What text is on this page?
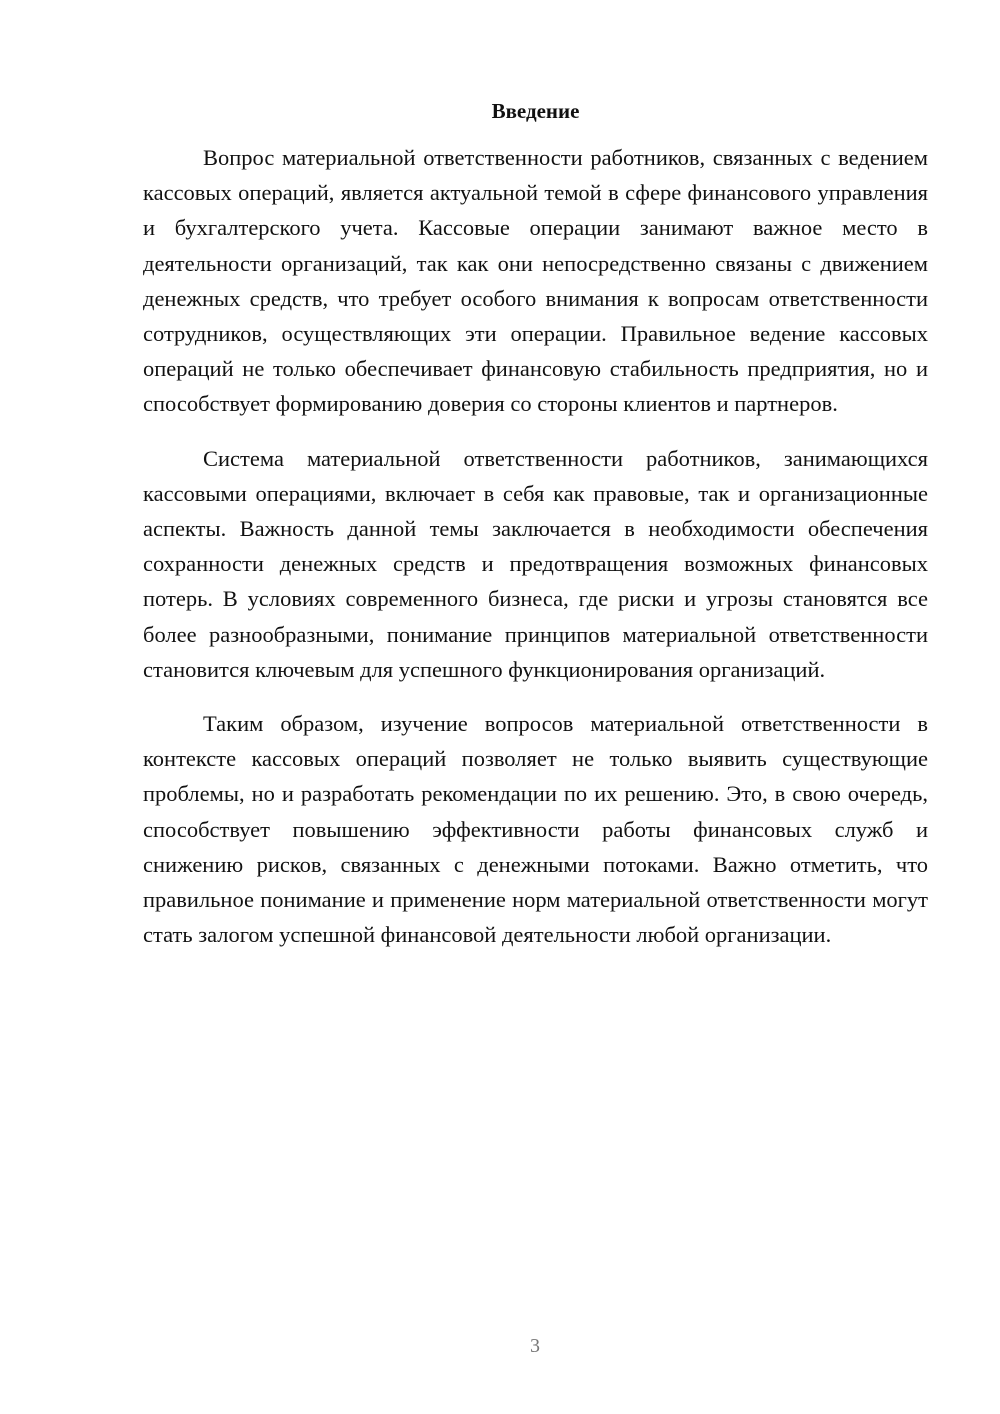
Введение

Вопрос материальной ответственности работников, связанных с ведением кассовых операций, является актуальной темой в сфере финансового управления и бухгалтерского учета. Кассовые операции занимают важное место в деятельности организаций, так как они непосредственно связаны с движением денежных средств, что требует особого внимания к вопросам ответственности сотрудников, осуществляющих эти операции. Правильное ведение кассовых операций не только обеспечивает финансовую стабильность предприятия, но и способствует формированию доверия со стороны клиентов и партнеров.

Система материальной ответственности работников, занимающихся кассовыми операциями, включает в себя как правовые, так и организационные аспекты. Важность данной темы заключается в необходимости обеспечения сохранности денежных средств и предотвращения возможных финансовых потерь. В условиях современного бизнеса, где риски и угрозы становятся все более разнообразными, понимание принципов материальной ответственности становится ключевым для успешного функционирования организаций.

Таким образом, изучение вопросов материальной ответственности в контексте кассовых операций позволяет не только выявить существующие проблемы, но и разработать рекомендации по их решению. Это, в свою очередь, способствует повышению эффективности работы финансовых служб и снижению рисков, связанных с денежными потоками. Важно отметить, что правильное понимание и применение норм материальной ответственности могут стать залогом успешной финансовой деятельности любой организации.

3
